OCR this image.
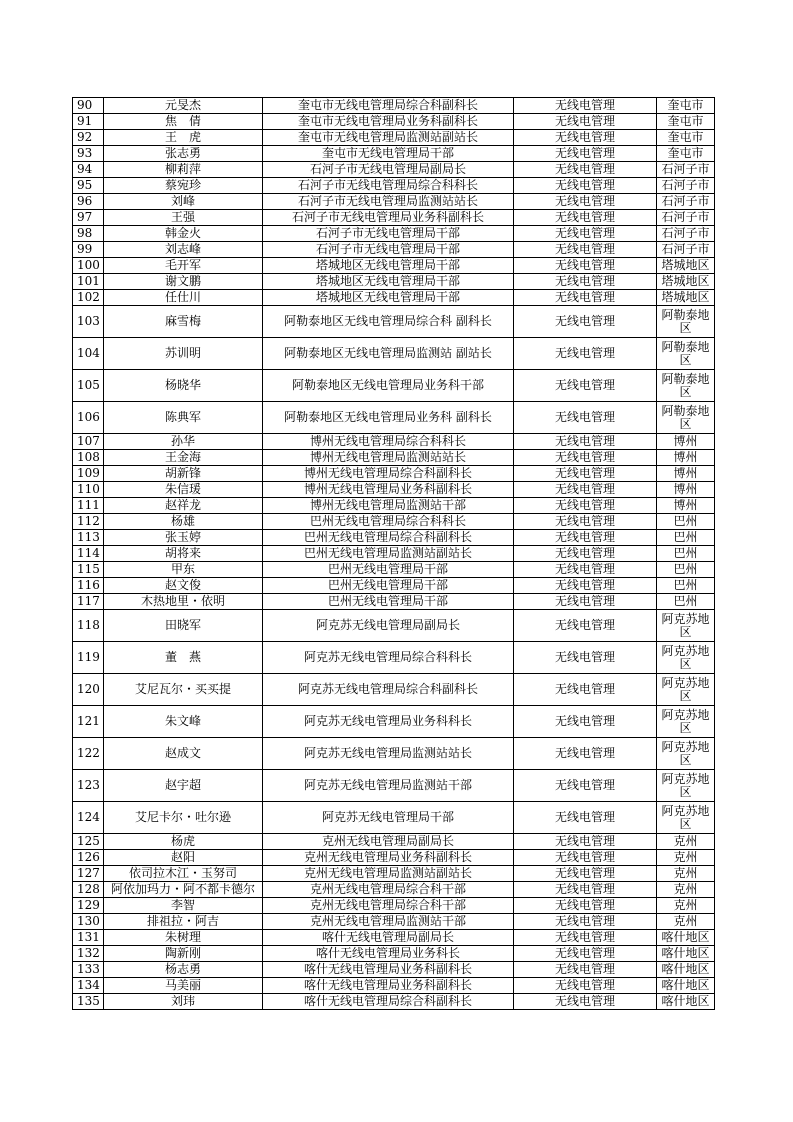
90	元旻杰	奎屯市无线电管理局综合科副科长	无线电管理	奎屯市
91	焦　倩	奎屯市无线电管理局业务科副科长	无线电管理	奎屯市
92	王　虎	奎屯市无线电管理局监测站副站长	无线电管理	奎屯市
93	张志勇	奎屯市无线电管理局干部	无线电管理	奎屯市
94	柳莉萍	石河子市无线电管理局副局长	无线电管理	石河子市
95	蔡宛珍	石河子市无线电管理局综合科科长	无线电管理	石河子市
96	刘峰	石河子市无线电管理局监测站站长	无线电管理	石河子市
97	王强	石河子市无线电管理局业务科副科长	无线电管理	石河子市
98	韩金火	石河子市无线电管理局干部	无线电管理	石河子市
99	刘志峰	石河子市无线电管理局干部	无线电管理	石河子市
100	毛开军	塔城地区无线电管理局干部	无线电管理	塔城地区
101	谢文鹏	塔城地区无线电管理局干部	无线电管理	塔城地区
102	任仕川	塔城地区无线电管理局干部	无线电管理	塔城地区
103	麻雪梅	阿勒泰地区无线电管理局综合科 副科长	无线电管理	阿勒泰地区
104	苏训明	阿勒泰地区无线电管理局监测站 副站长	无线电管理	阿勒泰地区
105	杨晓华	阿勒泰地区无线电管理局业务科干部	无线电管理	阿勒泰地区
106	陈典军	阿勒泰地区无线电管理局业务科 副科长	无线电管理	阿勒泰地区
107	孙华	博州无线电管理局综合科科长	无线电管理	博州
108	王金海	博州无线电管理局监测站站长	无线电管理	博州
109	胡新锋	博州无线电管理局综合科副科长	无线电管理	博州
110	朱信瑗	博州无线电管理局业务科副科长	无线电管理	博州
111	赵祥龙	博州无线电管理局监测站干部	无线电管理	博州
112	杨雄	巴州无线电管理局综合科科长	无线电管理	巴州
113	张玉婷	巴州无线电管理局综合科副科长	无线电管理	巴州
114	胡将来	巴州无线电管理局监测站副站长	无线电管理	巴州
115	甲东	巴州无线电管理局干部	无线电管理	巴州
116	赵文俊	巴州无线电管理局干部	无线电管理	巴州
117	木热地里・依明	巴州无线电管理局干部	无线电管理	巴州
118	田晓军	阿克苏无线电管理局副局长	无线电管理	阿克苏地区
119	董　燕	阿克苏无线电管理局综合科科长	无线电管理	阿克苏地区
120	艾尼瓦尔・买买提	阿克苏无线电管理局综合科副科长	无线电管理	阿克苏地区
121	朱文峰	阿克苏无线电管理局业务科科长	无线电管理	阿克苏地区
122	赵成文	阿克苏无线电管理局监测站站长	无线电管理	阿克苏地区
123	赵宇超	阿克苏无线电管理局监测站干部	无线电管理	阿克苏地区
124	艾尼卡尔・吐尔逊	阿克苏无线电管理局干部	无线电管理	阿克苏地区
125	杨虎	克州无线电管理局副局长	无线电管理	克州
126	赵阳	克州无线电管理局业务科副科长	无线电管理	克州
127	依司拉木江・玉努司	克州无线电管理局监测站副站长	无线电管理	克州
128	阿依加玛力・阿不都卡德尔	克州无线电管理局综合科干部	无线电管理	克州
129	李智	克州无线电管理局综合科干部	无线电管理	克州
130	排祖拉・阿吉	克州无线电管理局监测站干部	无线电管理	克州
131	朱树理	喀什无线电管理局副局长	无线电管理	喀什地区
132	陶新刚	喀什无线电管理局业务科长	无线电管理	喀什地区
133	杨志勇	喀什无线电管理局业务科副科长	无线电管理	喀什地区
134	马美丽	喀什无线电管理局业务科副科长	无线电管理	喀什地区
135	刘玮	喀什无线电管理局综合科副科长	无线电管理	喀什地区
